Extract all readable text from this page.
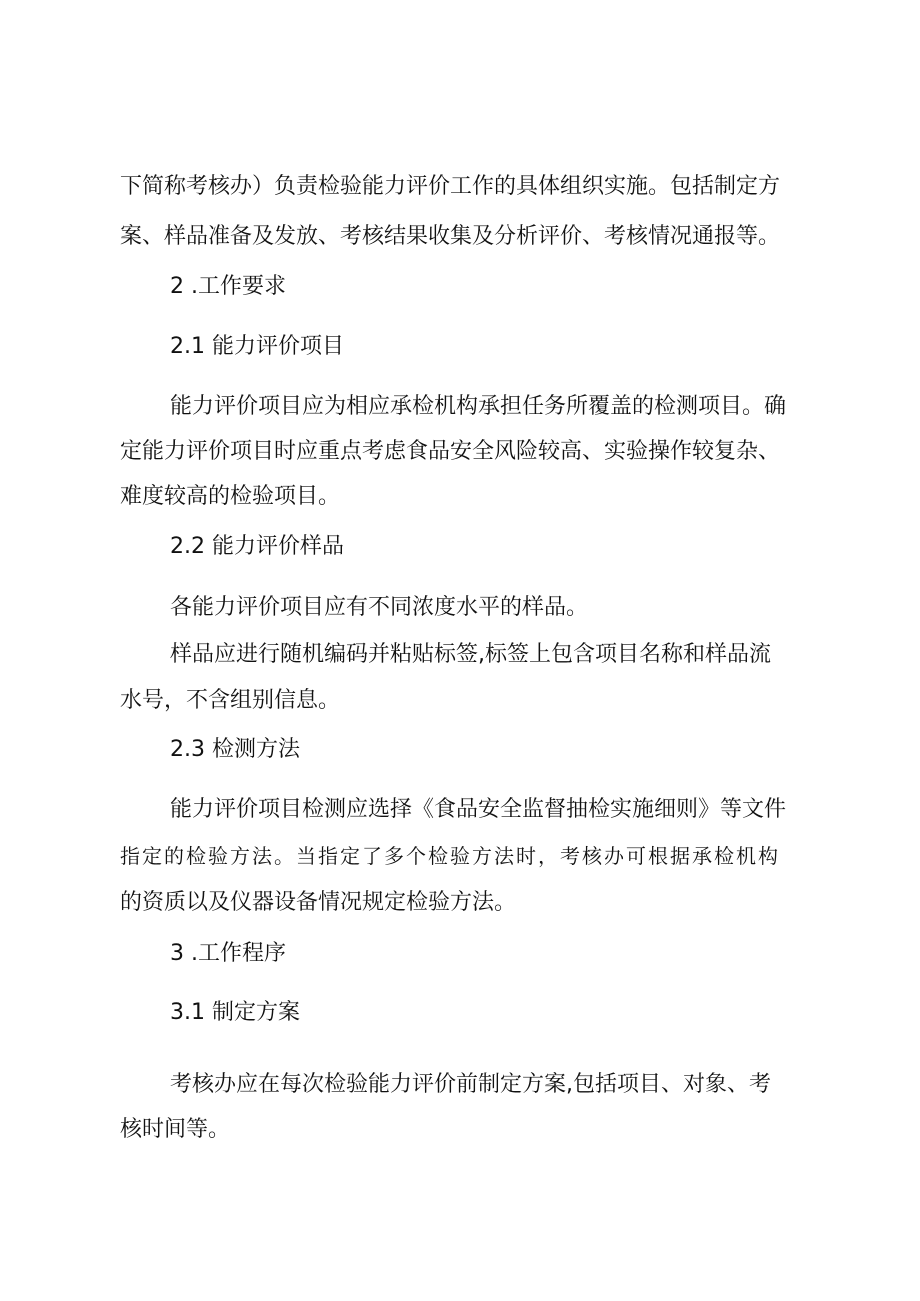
下简称考核办）负责检验能力评价工作的具体组织实施。包括制定方
案、样品准备及发放、考核结果收集及分析评价、考核情况通报等。
2 .工作要求
2.1 能力评价项目
能力评价项目应为相应承检机构承担任务所覆盖的检测项目。确
定能力评价项目时应重点考虑食品安全风险较高、实验操作较复杂、
难度较高的检验项目。
2.2 能力评价样品
各能力评价项目应有不同浓度水平的样品。
样品应进行随机编码并粘贴标签,标签上包含项目名称和样品流
水号，不含组别信息。
2.3 检测方法
能力评价项目检测应选择《食品安全监督抽检实施细则》等文件
指定的检验方法。当指定了多个检验方法时，考核办可根据承检机构
的资质以及仪器设备情况规定检验方法。
3 .工作程序
3.1 制定方案
考核办应在每次检验能力评价前制定方案,包括项目、对象、考
核时间等。
